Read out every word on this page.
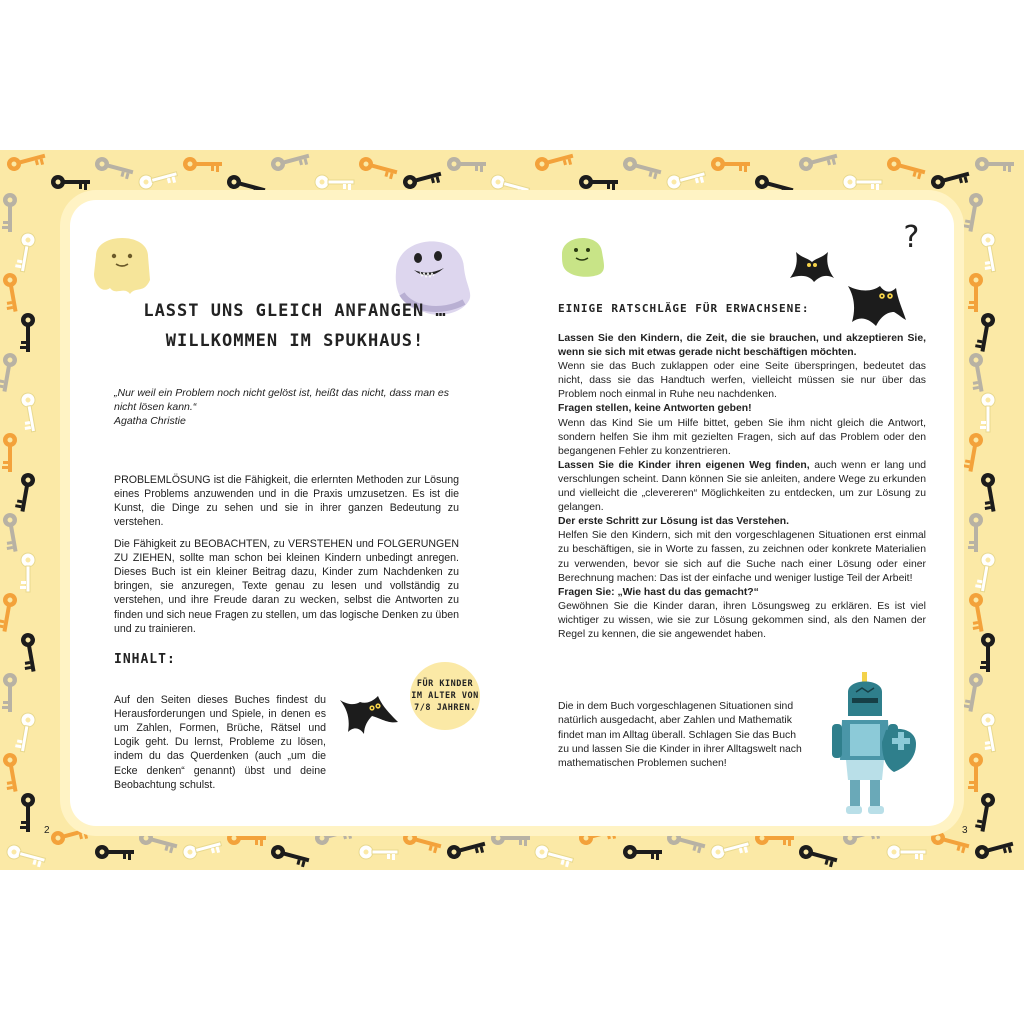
LASST UNS GLEICH ANFANGEN …
WILLKOMMEN IM SPUKHAUS!
„Nur weil ein Problem noch nicht gelöst ist, heißt das nicht, dass man es nicht lösen kann.“
Agatha Christie

PROBLEMLÖSUNG ist die Fähigkeit, die erlernten Methoden zur Lösung eines Problems anzuwenden und in die Praxis umzusetzen. Es ist die Kunst, die Dinge zu sehen und sie in ihrer ganzen Bedeutung zu verstehen.

Die Fähigkeit zu BEOBACHTEN, zu VERSTEHEN und FOLGERUNGEN ZU ZIEHEN, sollte man schon bei kleinen Kindern unbedingt anregen. Dieses Buch ist ein kleiner Beitrag dazu, Kinder zum Nachdenken zu bringen, sie anzuregen, Texte genau zu lesen und vollständig zu verstehen, und ihre Freude daran zu wecken, selbst die Antworten zu finden und sich neue Fragen zu stellen, um das logische Denken zu üben und zu trainieren.

INHALT:

Auf den Seiten dieses Buches findest du Herausforderungen und Spiele, in denen es um Zahlen, Formen, Brüche, Rätsel und Logik geht. Du lernst, Probleme zu lösen, indem du das Querdenken (auch „um die Ecke denken“ genannt) übst und deine Beobachtung schulst.

FÜR KINDER IM ALTER VON 7/8 JAHREN.
?
EINIGE RATSCHLÄGE FÜR ERWACHSENE:

Lassen Sie den Kindern, die Zeit, die sie brauchen, und akzeptieren Sie, wenn sie sich mit etwas gerade nicht beschäftigen möchten.

Wenn sie das Buch zuklappen oder eine Seite überspringen, bedeutet das nicht, dass sie das Handtuch werfen, vielleicht müssen sie nur über das Problem noch einmal in Ruhe neu nachdenken.

Fragen stellen, keine Antworten geben!

Wenn das Kind Sie um Hilfe bittet, geben Sie ihm nicht gleich die Antwort, sondern helfen Sie ihm mit gezielten Fragen, sich auf das Problem oder den begangenen Fehler zu konzentrieren.

Lassen Sie die Kinder ihren eigenen Weg finden, auch wenn er lang und verschlungen scheint. Dann können Sie sie anleiten, andere Wege zu erkunden und vielleicht die „clevereren“ Möglichkeiten zu entdecken, um zur Lösung zu gelangen.

Der erste Schritt zur Lösung ist das Verstehen.

Helfen Sie den Kindern, sich mit den vorgeschlagenen Situationen erst einmal zu beschäftigen, sie in Worte zu fassen, zu zeichnen oder konkrete Materialien zu verwenden, bevor sie sich auf die Suche nach einer Lösung oder einer Berechnung machen: Das ist der einfache und weniger lustige Teil der Arbeit!

Fragen Sie: „Wie hast du das gemacht?“

Gewöhnen Sie die Kinder daran, ihren Lösungsweg zu erklären. Es ist viel wichtiger zu wissen, wie sie zur Lösung gekommen sind, als den Namen der Regel zu kennen, die sie angewendet haben.

Die in dem Buch vorgeschlagenen Situationen sind natürlich ausgedacht, aber Zahlen und Mathematik findet man im Alltag überall. Schlagen Sie das Buch zu und lassen Sie die Kinder in ihrer Alltagswelt nach mathematischen Problemen suchen!

2	3
